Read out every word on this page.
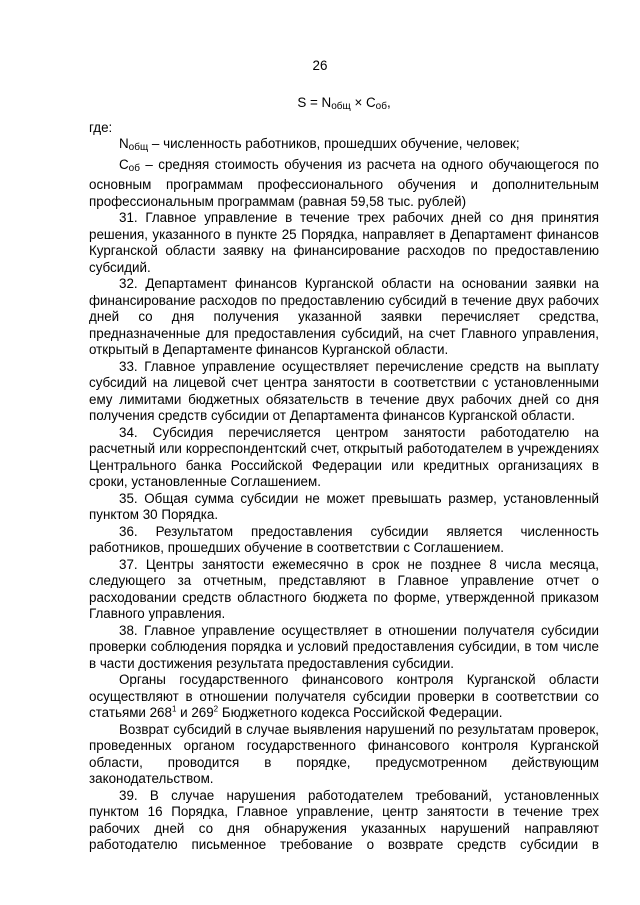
26
$S = N_{общ} \times C_{об}$,

где:

$N_{общ}$ – численность работников, прошедших обучение, человек;

$C_{об}$ – средняя стоимость обучения из расчета на одного обучающегося по основным программам профессионального обучения и дополнительным профессиональным программам (равная 59,58 тыс. рублей)

31. Главное управление в течение трех рабочих дней со дня принятия решения, указанного в пункте 25 Порядка, направляет в Департамент финансов Курганской области заявку на финансирование расходов по предоставлению субсидий.

32. Департамент финансов Курганской области на основании заявки на финансирование расходов по предоставлению субсидий в течение двух рабочих дней со дня получения указанной заявки перечисляет средства, предназначенные для предоставления субсидий, на счет Главного управления, открытый в Департаменте финансов Курганской области.

33. Главное управление осуществляет перечисление средств на выплату субсидий на лицевой счет центра занятости в соответствии с установленными ему лимитами бюджетных обязательств в течение двух рабочих дней со дня получения средств субсидии от Департамента финансов Курганской области.

34. Субсидия перечисляется центром занятости работодателю на расчетный или корреспондентский счет, открытый работодателем в учреждениях Центрального банка Российской Федерации или кредитных организациях в сроки, установленные Соглашением.

35. Общая сумма субсидии не может превышать размер, установленный пунктом 30 Порядка.

36. Результатом предоставления субсидии является численность работников, прошедших обучение в соответствии с Соглашением.

37. Центры занятости ежемесячно в срок не позднее 8 числа месяца, следующего за отчетным, представляют в Главное управление отчет о расходовании средств областного бюджета по форме, утвержденной приказом Главного управления.

38. Главное управление осуществляет в отношении получателя субсидии проверки соблюдения порядка и условий предоставления субсидии, в том числе в части достижения результата предоставления субсидии.

Органы государственного финансового контроля Курганской области осуществляют в отношении получателя субсидии проверки в соответствии со статьями $268^1$ и $269^2$ Бюджетного кодекса Российской Федерации.

Возврат субсидий в случае выявления нарушений по результатам проверок, проведенных органом государственного финансового контроля Курганской области, проводится в порядке, предусмотренном действующим законодательством.

39. В случае нарушения работодателем требований, установленных пунктом 16 Порядка, Главное управление, центр занятости в течение трех рабочих дней со дня обнаружения указанных нарушений направляют работодателю письменное требование о возврате средств субсидии в
